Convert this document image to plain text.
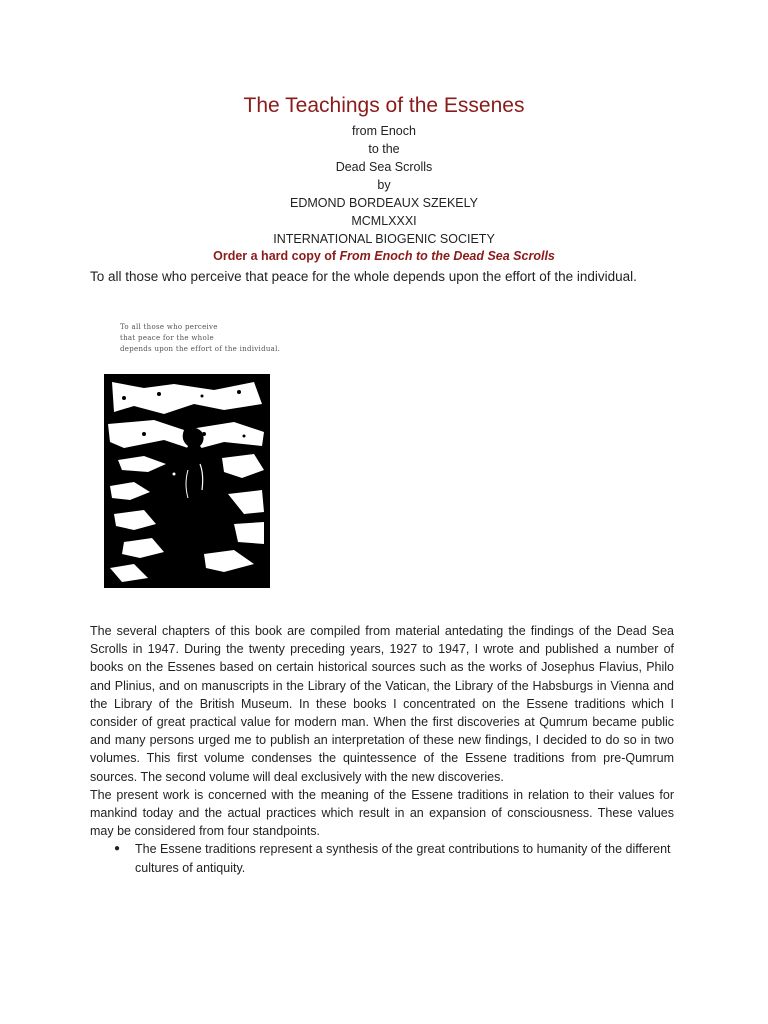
The Teachings of the Essenes
from Enoch
to the
Dead Sea Scrolls
by
EDMOND BORDEAUX SZEKELY
MCMLXXXI
INTERNATIONAL BIOGENIC SOCIETY
Order a hard copy of From Enoch to the Dead Sea Scrolls
To all those who perceive that peace for the whole depends upon the effort of the individual.
To all those who perceive
that peace for the whole
depends upon the effort of the individual.

The several chapters of this book are compiled from material antedating the findings of the Dead Sea Scrolls in 1947. During the twenty preceding years, 1927 to 1947, I wrote and published a number of books on the Essenes based on certain historical sources such as the works of Josephus Flavius, Philo and Plinius, and on manuscripts in the Library of the Vatican, the Library of the Habsburgs in Vienna and the Library of the British Museum. In these books I concentrated on the Essene traditions which I consider of great practical value for modern man. When the first discoveries at Qumrum became public and many persons urged me to publish an interpretation of these new findings, I decided to do so in two volumes. This first volume condenses the quintessence of the Essene traditions from pre-Qumrum sources. The second volume will deal exclusively with the new discoveries.

The present work is concerned with the meaning of the Essene traditions in relation to their values for mankind today and the actual practices which result in an expansion of consciousness. These values may be considered from four standpoints.

● The Essene traditions represent a synthesis of the great contributions to humanity of the different cultures of antiquity.
